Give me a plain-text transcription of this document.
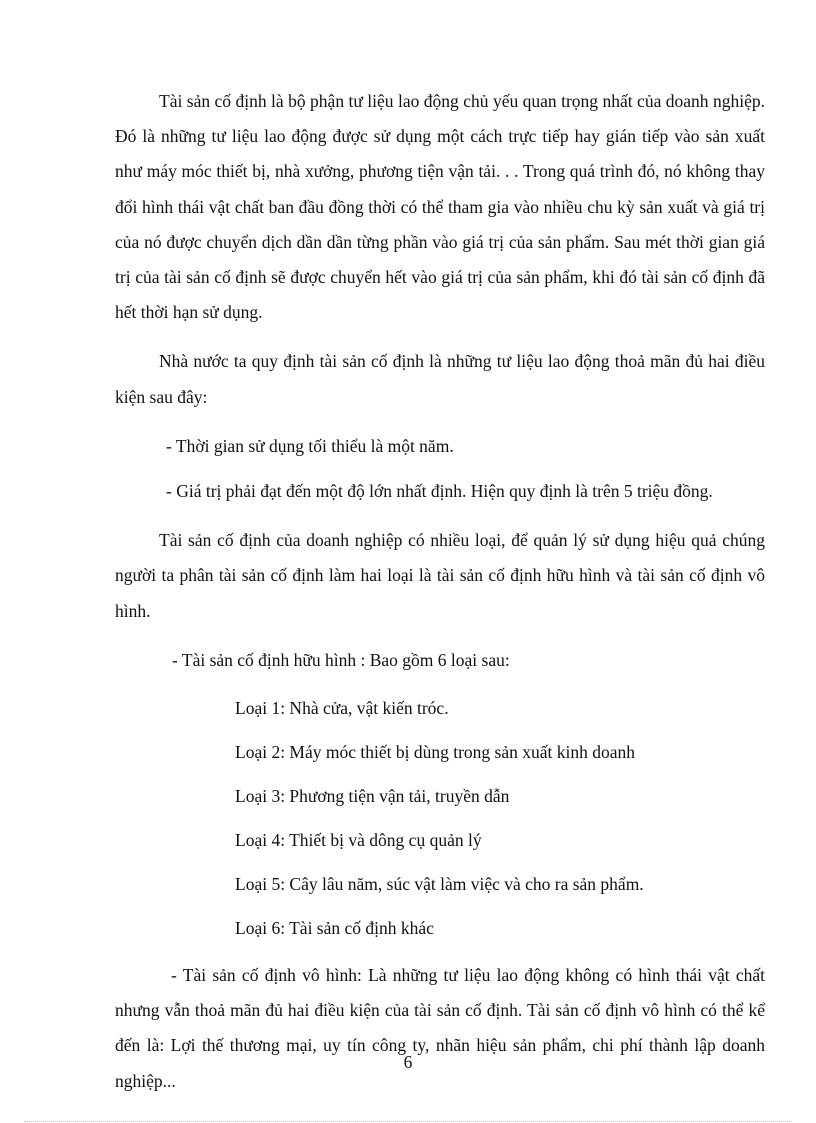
Tài sản cố định là bộ phận tư liệu lao động chủ yếu quan trọng nhất của doanh nghiệp. Đó là những tư liệu lao động được sử dụng một cách trực tiếp hay gián tiếp vào sản xuất như máy móc thiết bị, nhà xưởng, phương tiện vận tải. . . Trong quá trình đó, nó không thay đổi hình thái vật chất ban đầu đồng thời có thể tham gia vào nhiều chu kỳ sản xuất và giá trị của nó được chuyển dịch dần dần từng phần vào giá trị của sản phẩm. Sau mét thời gian giá trị của tài sản cố định sẽ được chuyển hết vào giá trị của sản phẩm, khi đó tài sản cố định đã hết thời hạn sử dụng.

Nhà nước ta quy định tài sản cố định là những tư liệu lao động thoả mãn đủ hai điều kiện sau đây:

- Thời gian sử dụng tối thiểu là một năm.

- Giá trị phải đạt đến một độ lớn nhất định. Hiện quy định là trên 5 triệu đồng.

Tài sản cố định của doanh nghiệp có nhiều loại, để quản lý sử dụng hiệu quả chúng người ta phân tài sản cố định làm hai loại là tài sản cố định hữu hình và tài sản cố định vô hình.

- Tài sản cố định hữu hình : Bao gồm 6 loại sau:

Loại 1: Nhà cửa, vật kiến tróc.

Loại 2: Máy móc thiết bị dùng trong sản xuất kinh doanh

Loại 3: Phương tiện vận tải, truyền dẫn

Loại 4: Thiết bị và dông cụ quản lý

Loại 5: Cây lâu năm, súc vật làm việc và cho ra sản phẩm.

Loại 6: Tài sản cố định khác

- Tài sản cố định vô hình: Là những tư liệu lao động không có hình thái vật chất nhưng vẫn thoả mãn đủ hai điều kiện của tài sản cố định. Tài sản cố định vô hình có thể kể đến là: Lợi thế thương mại, uy tín công ty, nhãn hiệu sản phẩm, chi phí thành lập doanh nghiệp...

6
